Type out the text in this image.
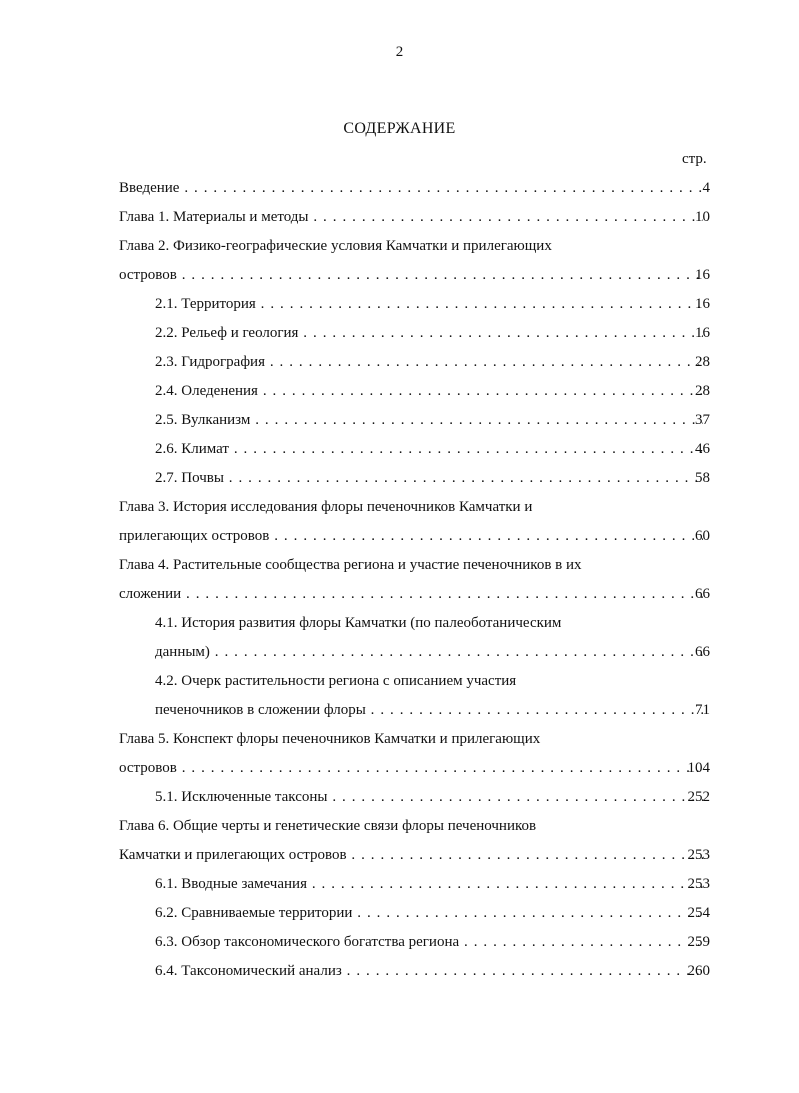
2
СОДЕРЖАНИЕ
стр.
Введение . . .	4
Глава 1. Материалы и методы . . .	10
Глава 2. Физико-географические условия Камчатки и прилегающих
островов . . .	16
2.1. Территория . . .	16
2.2. Рельеф и геология . . .	16
2.3. Гидрография . . .	28
2.4. Оледенения . . .	28
2.5. Вулканизм . . .	37
2.6. Климат . . .	46
2.7. Почвы . . .	58
Глава 3. История исследования флоры печеночников Камчатки и
прилегающих островов . . .	60
Глава 4. Растительные сообщества региона и участие печеночников в их
сложении . . .	66
4.1. История развития флоры Камчатки (по палеоботаническим
данным) . . .	66
4.2. Очерк растительности региона с описанием участия
печеночников в сложении флоры . . .	71
Глава 5. Конспект флоры печеночников Камчатки и прилегающих
островов . . .	104
5.1. Исключенные таксоны . . .	252
Глава 6. Общие черты и генетические связи флоры печеночников
Камчатки и прилегающих островов . . .	253
6.1. Вводные замечания . . .	253
6.2. Сравниваемые территории . . .	254
6.3. Обзор таксономического богатства региона . . .	259
6.4. Таксономический анализ . . .	260
